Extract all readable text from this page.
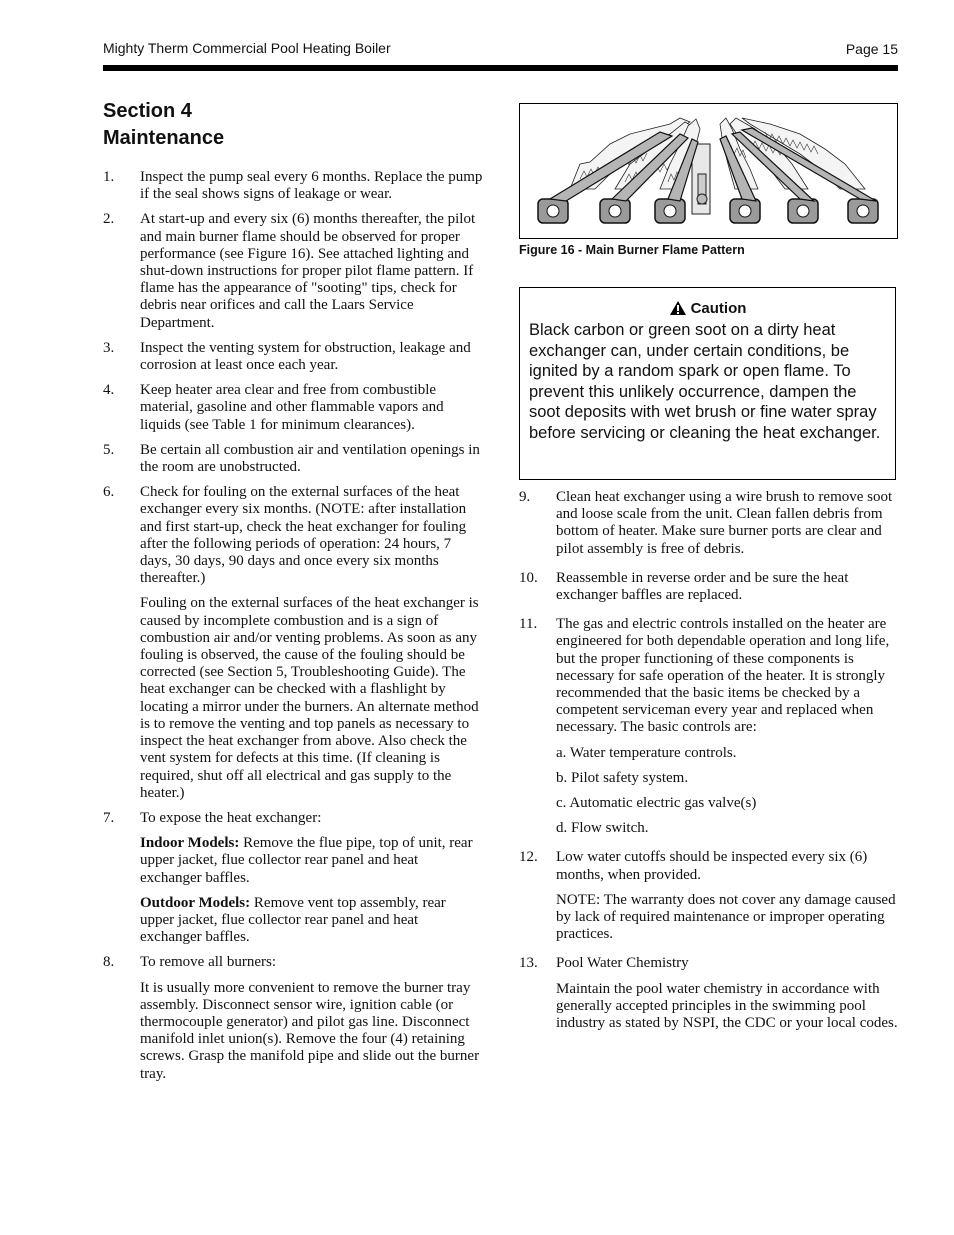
Mighty Therm Commercial Pool Heating Boiler	Page 15
Section 4
Maintenance
1.	Inspect the pump seal every 6 months. Replace the pump if the seal shows signs of leakage or wear.

2.	At start-up and every six (6) months thereafter, the pilot and main burner flame should be observed for proper performance (see Figure 16). See attached lighting and shut-down instructions for proper pilot flame pattern. If flame has the appearance of "sooting" tips, check for debris near orifices and call the Laars Service Department.

3.	Inspect the venting system for obstruction, leakage and corrosion at least once each year.

4.	Keep heater area clear and free from combustible material, gasoline and other flammable vapors and liquids (see Table 1 for minimum clearances).

5.	Be certain all combustion air and ventilation openings in the room are unobstructed.

6.	Check for fouling on the external surfaces of the heat exchanger every six months. (NOTE: after installation and first start-up, check the heat exchanger for fouling after the following periods of operation: 24 hours, 7 days, 30 days, 90 days and once every six months thereafter.)

Fouling on the external surfaces of the heat exchanger is caused by incomplete combustion and is a sign of combustion air and/or venting problems. As soon as any fouling is observed, the cause of the fouling should be corrected (see Section 5, Troubleshooting Guide). The heat exchanger can be checked with a flashlight by locating a mirror under the burners. An alternate method is to remove the venting and top panels as necessary to inspect the heat exchanger from above. Also check the vent system for defects at this time. (If cleaning is required, shut off all electrical and gas supply to the heater.)

7.	To expose the heat exchanger:

Indoor Models: Remove the flue pipe, top of unit, rear upper jacket, flue collector rear panel and heat exchanger baffles.

Outdoor Models: Remove vent top assembly, rear upper jacket, flue collector rear panel and heat exchanger baffles.

8.	To remove all burners:

It is usually more convenient to remove the burner tray assembly. Disconnect sensor wire, ignition cable (or thermocouple generator) and pilot gas line. Disconnect manifold inlet union(s). Remove the four (4) retaining screws. Grasp the manifold pipe and slide out the burner tray.

Figure 16 - Main Burner Flame Pattern
Caution
Black carbon or green soot on a dirty heat exchanger can, under certain conditions, be ignited by a random spark or open flame. To prevent this unlikely occurrence, dampen the soot deposits with wet brush or fine water spray before servicing or cleaning the heat exchanger.
9.	Clean heat exchanger using a wire brush to remove soot and loose scale from the unit. Clean fallen debris from bottom of heater. Make sure burner ports are clear and pilot assembly is free of debris.

10.	Reassemble in reverse order and be sure the heat exchanger baffles are replaced.

11.	The gas and electric controls installed on the heater are engineered for both dependable operation and long life, but the proper functioning of these components is necessary for safe operation of the heater. It is strongly recommended that the basic items be checked by a competent serviceman every year and replaced when necessary. The basic controls are:

a. Water temperature controls.

b. Pilot safety system.

c. Automatic electric gas valve(s)

d. Flow switch.

12.	Low water cutoffs should be inspected every six (6) months, when provided.

NOTE: The warranty does not cover any damage caused by lack of required maintenance or improper operating practices.

13.	Pool Water Chemistry

Maintain the pool water chemistry in accordance with generally accepted principles in the swimming pool industry as stated by NSPI, the CDC or your local codes.
